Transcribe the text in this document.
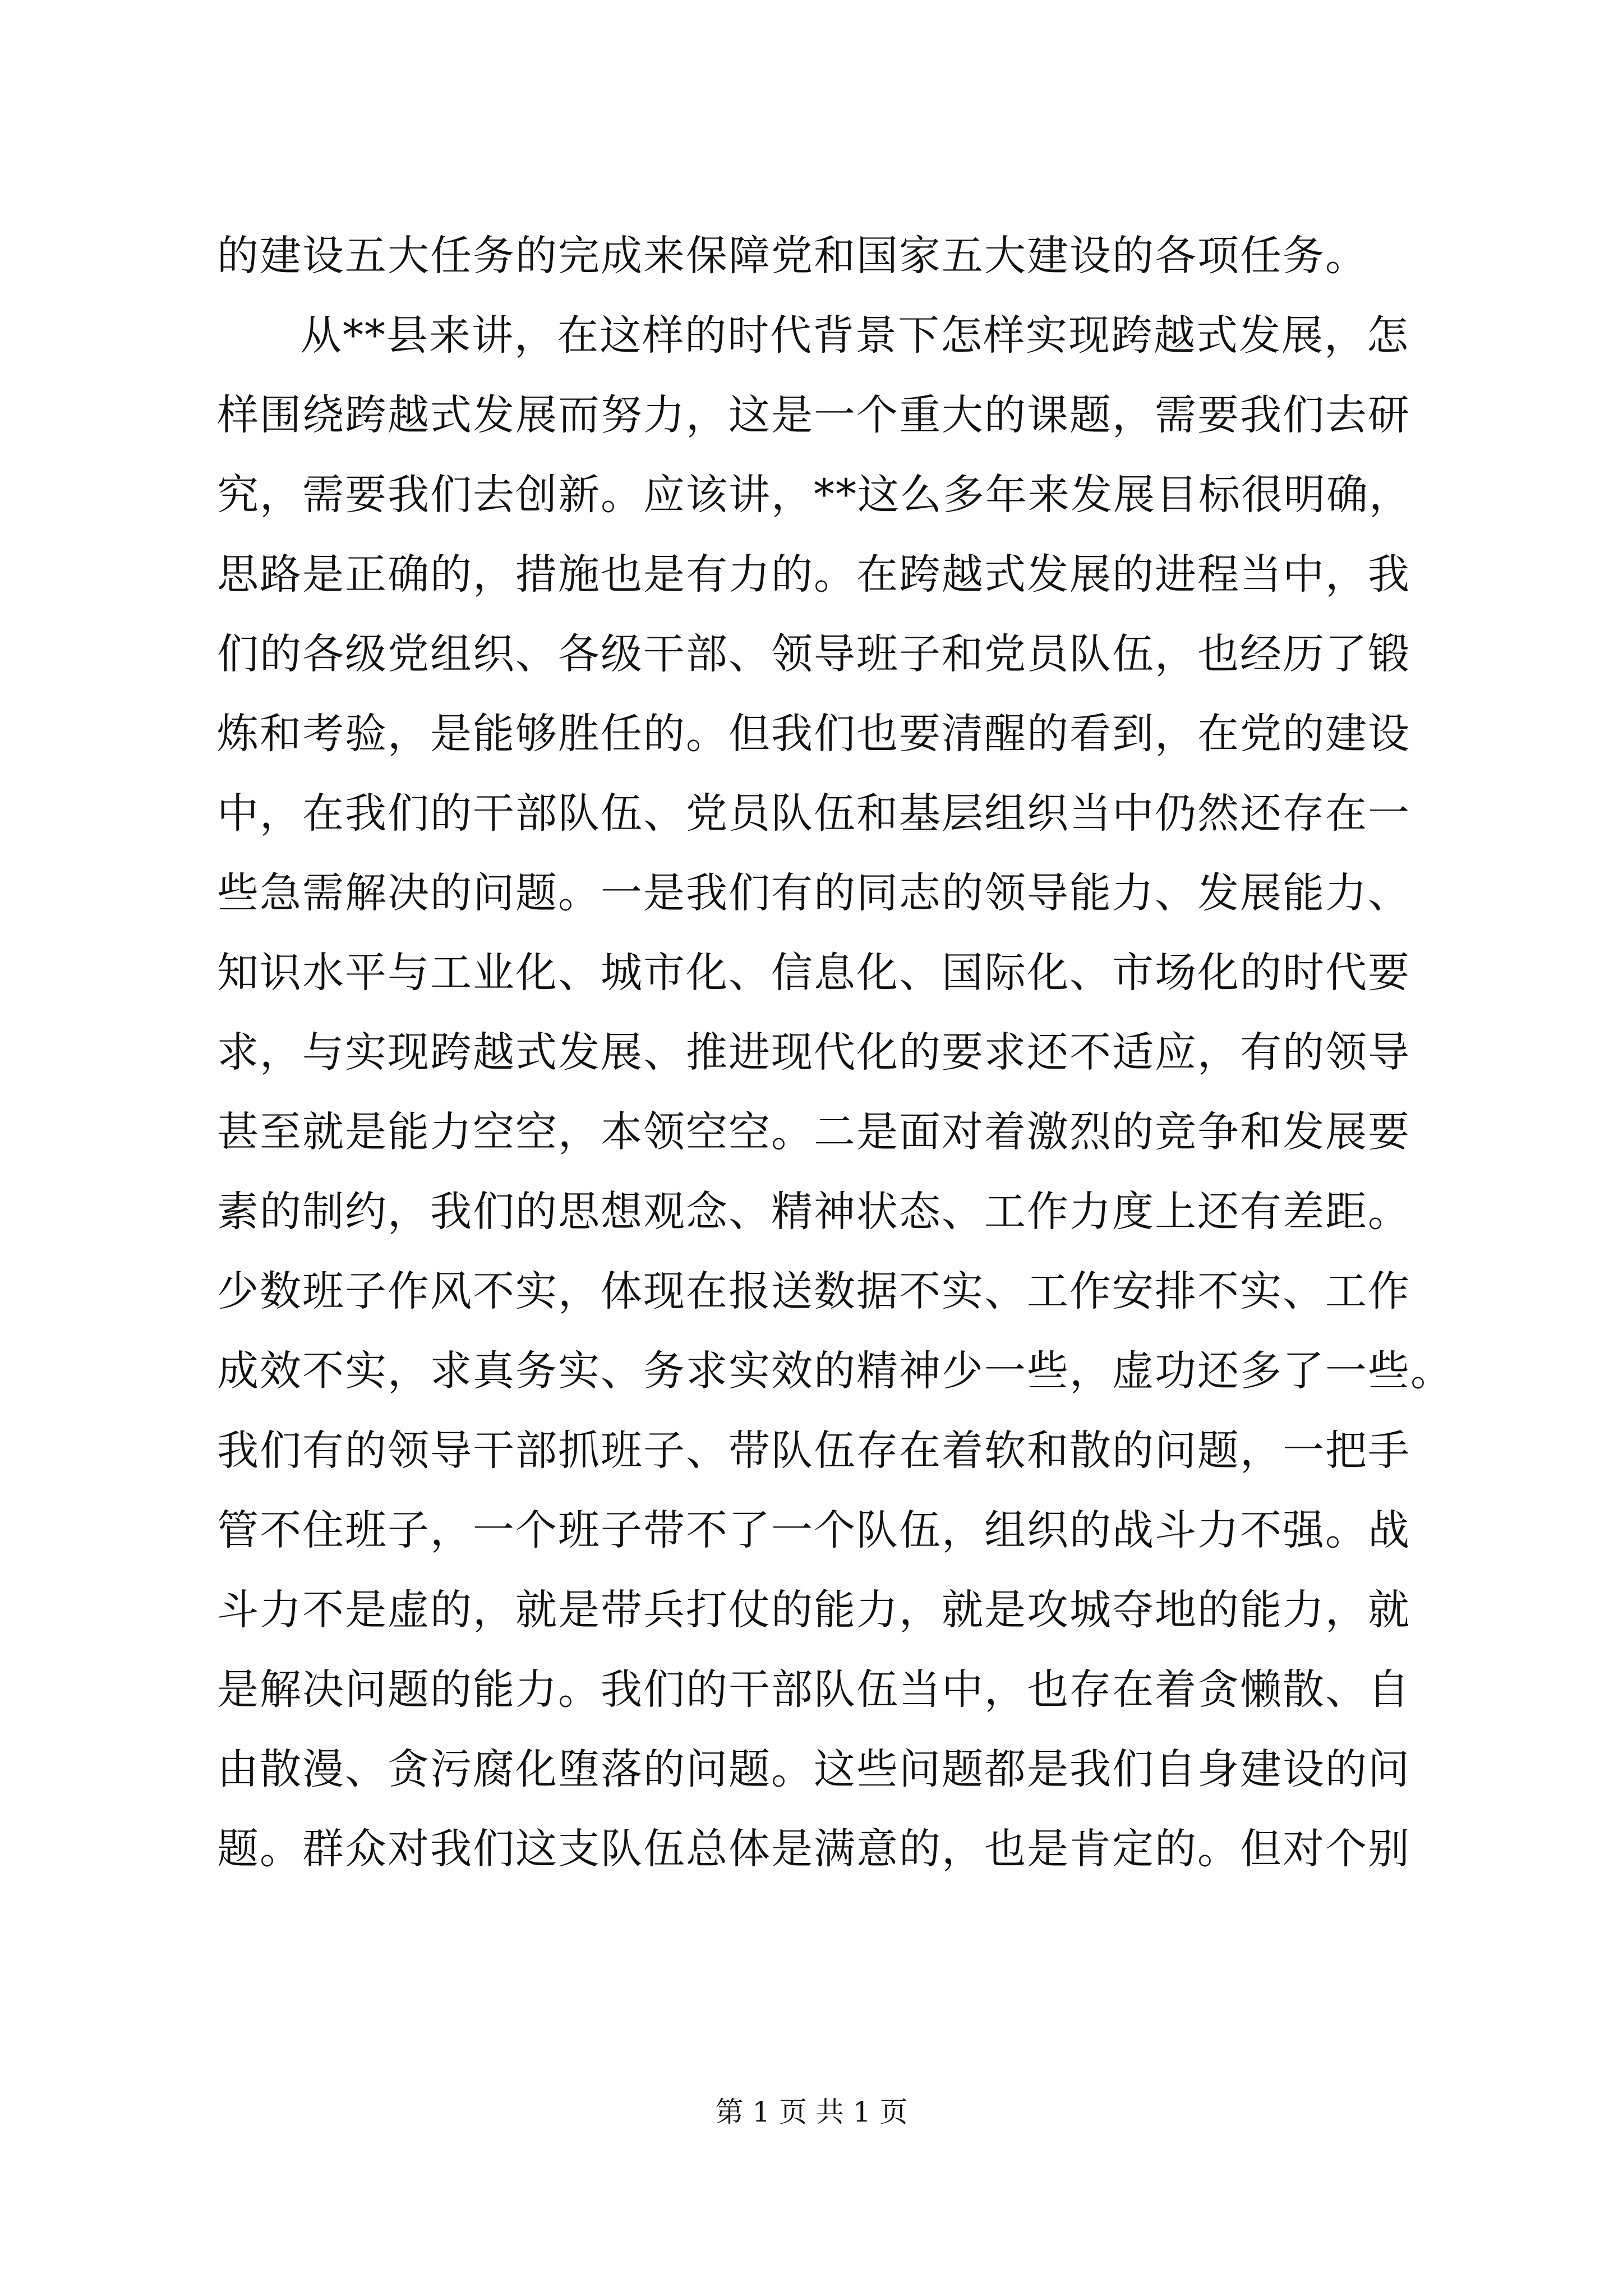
的建设五大任务的完成来保障党和国家五大建设的各项任务。
从**县来讲，在这样的时代背景下怎样实现跨越式发展，怎
样围绕跨越式发展而努力，这是一个重大的课题，需要我们去研
究，需要我们去创新。应该讲，**这么多年来发展目标很明确，
思路是正确的，措施也是有力的。在跨越式发展的进程当中，我
们的各级党组织、各级干部、领导班子和党员队伍，也经历了锻
炼和考验，是能够胜任的。但我们也要清醒的看到，在党的建设
中，在我们的干部队伍、党员队伍和基层组织当中仍然还存在一
些急需解决的问题。一是我们有的同志的领导能力、发展能力、
知识水平与工业化、城市化、信息化、国际化、市场化的时代要
求，与实现跨越式发展、推进现代化的要求还不适应，有的领导
甚至就是能力空空，本领空空。二是面对着激烈的竞争和发展要
素的制约，我们的思想观念、精神状态、工作力度上还有差距。
少数班子作风不实，体现在报送数据不实、工作安排不实、工作
成效不实，求真务实、务求实效的精神少一些，虚功还多了一些。
我们有的领导干部抓班子、带队伍存在着软和散的问题，一把手
管不住班子，一个班子带不了一个队伍，组织的战斗力不强。战
斗力不是虚的，就是带兵打仗的能力，就是攻城夺地的能力，就
是解决问题的能力。我们的干部队伍当中，也存在着贪懒散、自
由散漫、贪污腐化堕落的问题。这些问题都是我们自身建设的问
题。群众对我们这支队伍总体是满意的，也是肯定的。但对个别
第 1 页 共 1 页
